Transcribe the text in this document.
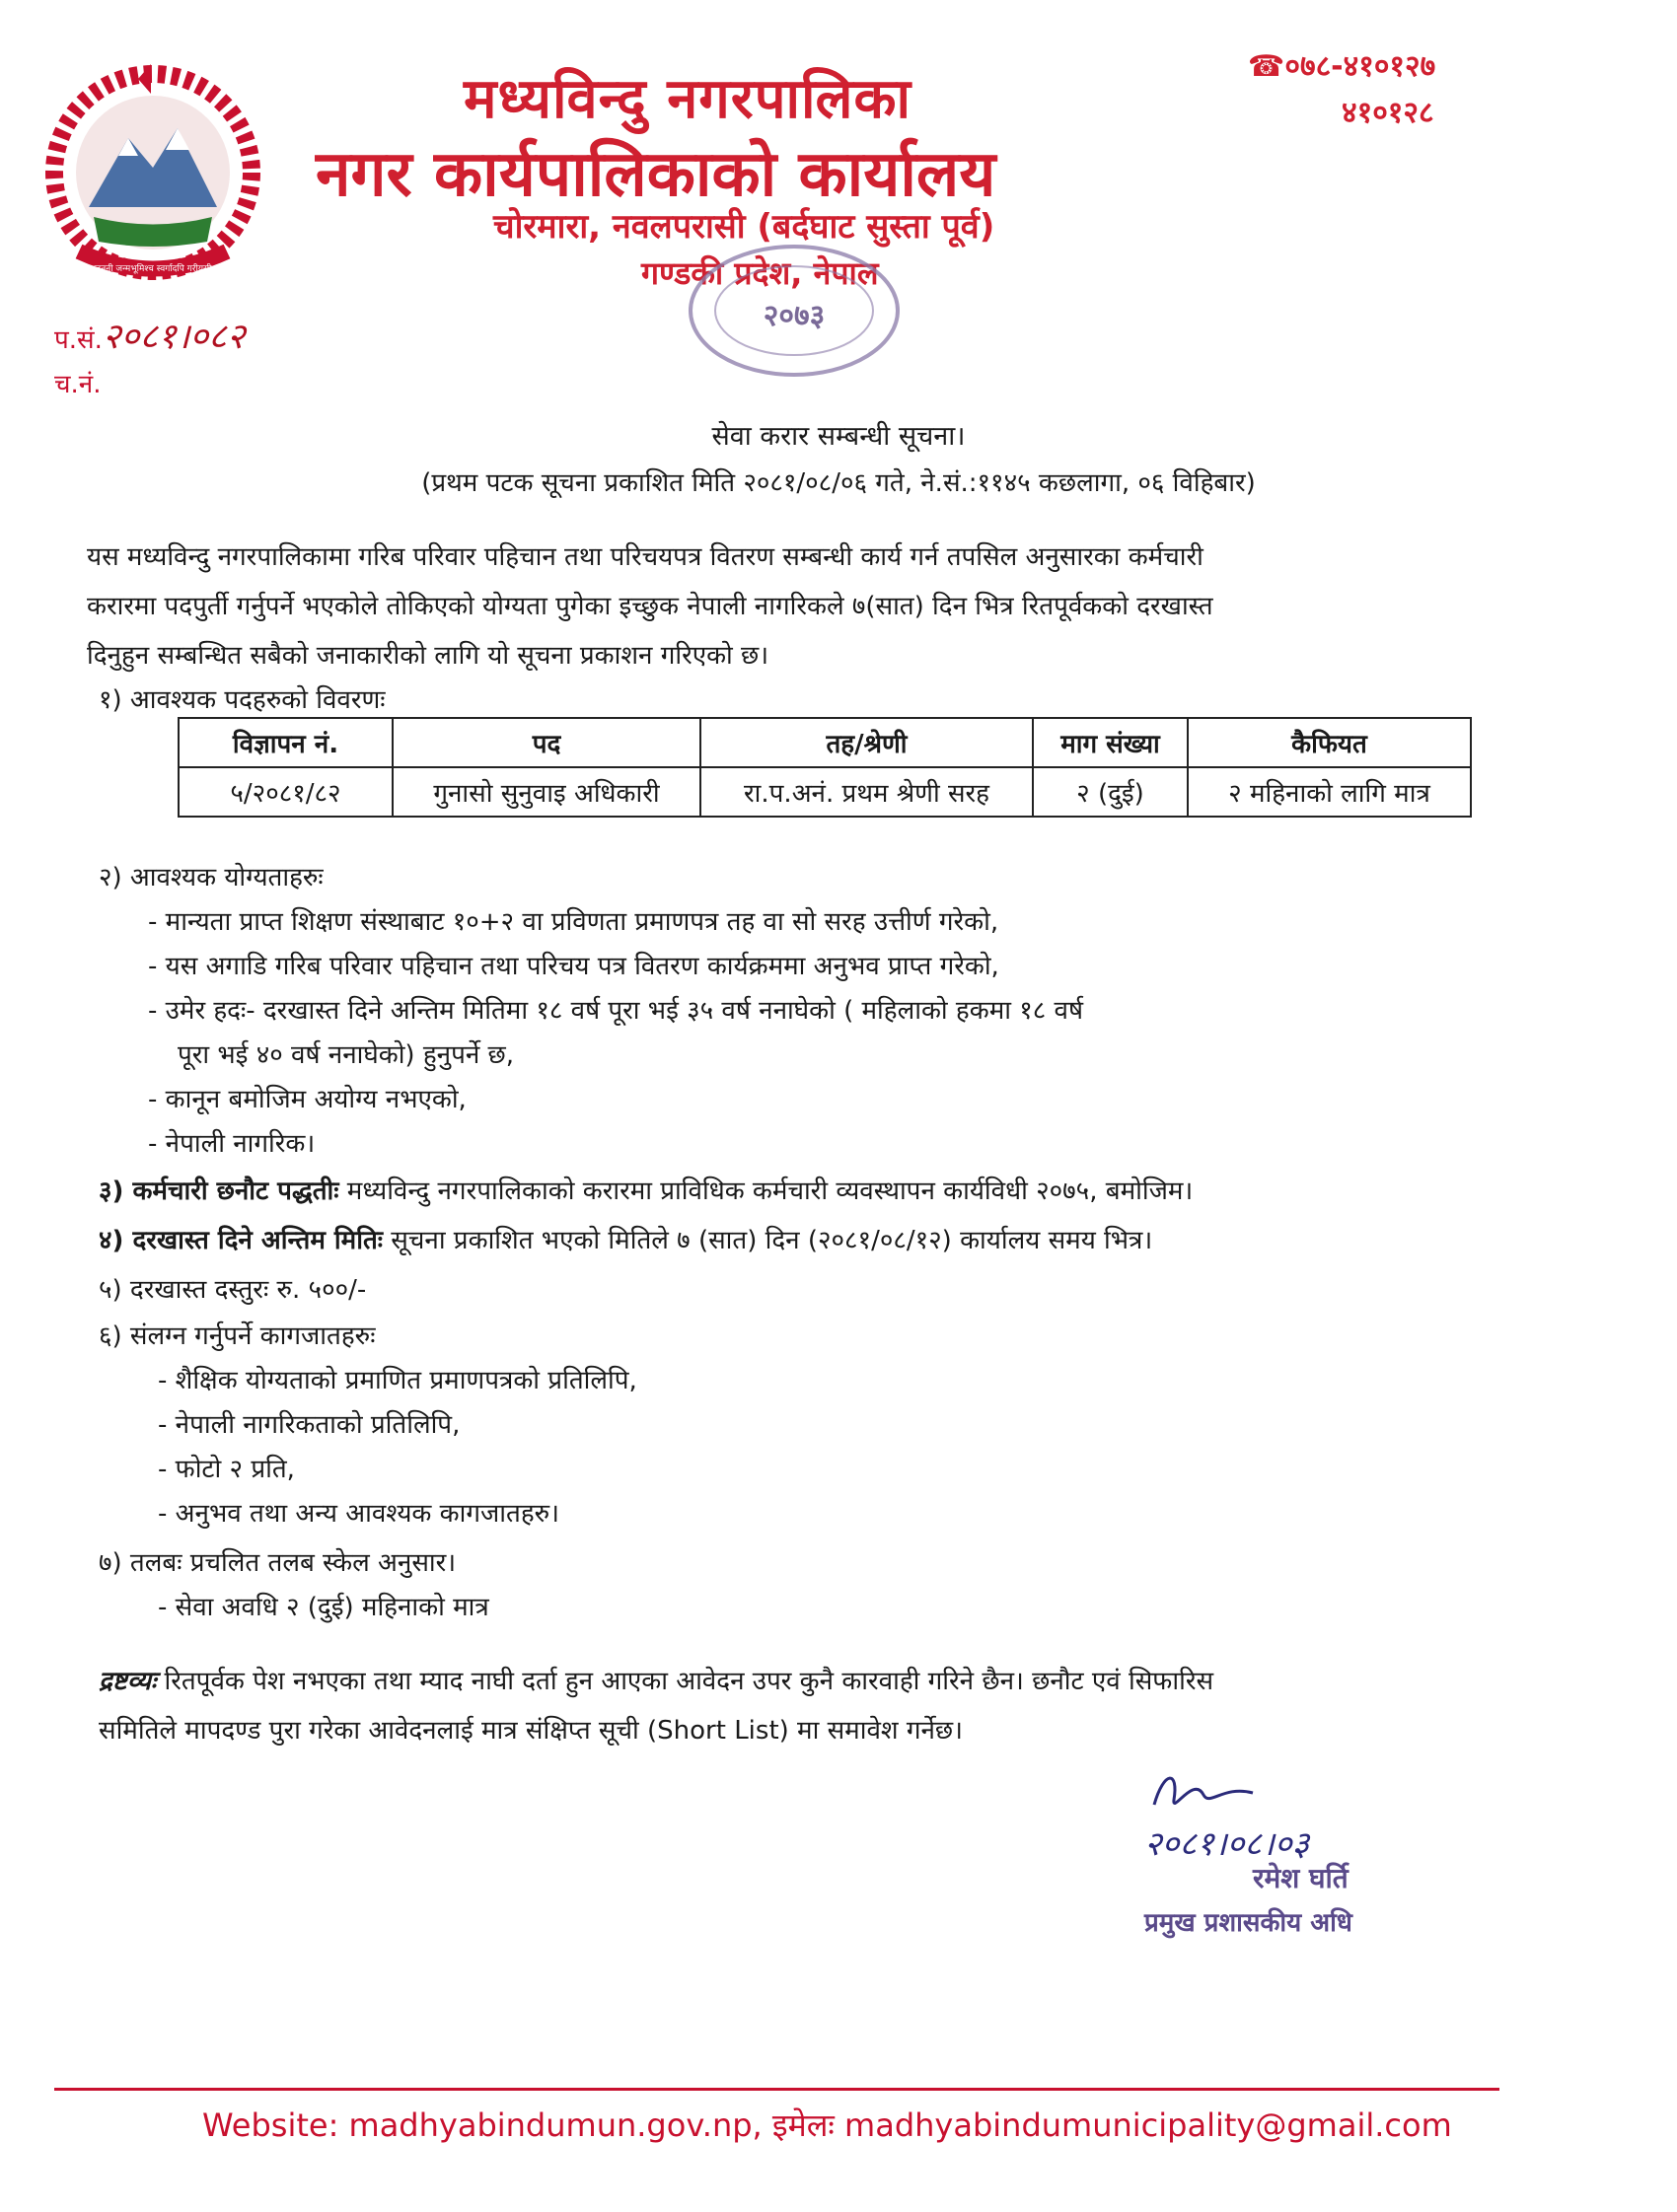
जननी जन्मभूमिश्च स्वर्गादपि गरीयसी
☎०७८-४१०१२७
४१०१२८
मध्यविन्दु नगरपालिका
नगर कार्यपालिकाको कार्यालय
चोरमारा, नवलपरासी (बर्दघाट सुस्ता पूर्व)
गण्डकी प्रदेश, नेपाल
२०७३
प.सं.२०८१।०८२
च.नं.
सेवा करार सम्बन्धी सूचना।
(प्रथम पटक सूचना प्रकाशित मिति २०८१/०८/०६ गते, ने.सं.:११४५ कछलागा, ०६ विहिबार)
यस मध्यविन्दु नगरपालिकामा गरिब परिवार पहिचान तथा परिचयपत्र वितरण सम्बन्धी कार्य गर्न तपसिल अनुसारका कर्मचारी
करारमा पदपुर्ती गर्नुपर्ने भएकोले तोकिएको योग्यता पुगेका इच्छुक नेपाली नागरिकले ७(सात) दिन भित्र रितपूर्वकको दरखास्त
दिनुहुन सम्बन्धित सबैको जनाकारीको लागि यो सूचना प्रकाशन गरिएको छ।
१) आवश्यक पदहरुको विवरणः
विज्ञापन नं.	पद	तह/श्रेणी	माग संख्या	कैफियत
५/२०८१/८२	गुनासो सुनुवाइ अधिकारी	रा.प.अनं. प्रथम श्रेणी सरह	२ (दुई)	२ महिनाको लागि मात्र
२) आवश्यक योग्यताहरुः
- मान्यता प्राप्त शिक्षण संस्थाबाट १०+२ वा प्रविणता प्रमाणपत्र तह वा सो सरह उत्तीर्ण गरेको,
- यस अगाडि गरिब परिवार पहिचान तथा परिचय पत्र वितरण कार्यक्रममा अनुभव प्राप्त गरेको,
- उमेर हदः- दरखास्त दिने अन्तिम मितिमा १८ वर्ष पूरा भई ३५ वर्ष ननाघेको ( महिलाको हकमा १८ वर्ष
पूरा भई ४० वर्ष ननाघेको) हुनुपर्ने छ,
- कानून बमोजिम अयोग्य नभएको,
- नेपाली नागरिक।
३) कर्मचारी छनौट पद्धतीः मध्यविन्दु नगरपालिकाको करारमा प्राविधिक कर्मचारी व्यवस्थापन कार्यविधी २०७५, बमोजिम।
४) दरखास्त दिने अन्तिम मितिः सूचना प्रकाशित भएको मितिले ७ (सात) दिन (२०८१/०८/१२) कार्यालय समय भित्र।
५) दरखास्त दस्तुरः रु. ५००/-
६) संलग्न गर्नुपर्ने कागजातहरुः
- शैक्षिक योग्यताको प्रमाणित प्रमाणपत्रको प्रतिलिपि,
- नेपाली नागरिकताको प्रतिलिपि,
- फोटो २ प्रति,
- अनुभव तथा अन्य आवश्यक कागजातहरु।
७) तलबः प्रचलित तलब स्केल अनुसार।
- सेवा अवधि २ (दुई) महिनाको मात्र
द्रष्टव्यः रितपूर्वक पेश नभएका तथा म्याद नाघी दर्ता हुन आएका आवेदन उपर कुनै कारवाही गरिने छैन। छनौट एवं सिफारिस
समितिले मापदण्ड पुरा गरेका आवेदनलाई मात्र संक्षिप्त सूची (Short List) मा समावेश गर्नेछ।
२०८१।०८।०३
रमेश घर्ति
प्रमुख प्रशासकीय अधि
Website: madhyabindumun.gov.np, इमेलः madhyabindumunicipality@gmail.com
